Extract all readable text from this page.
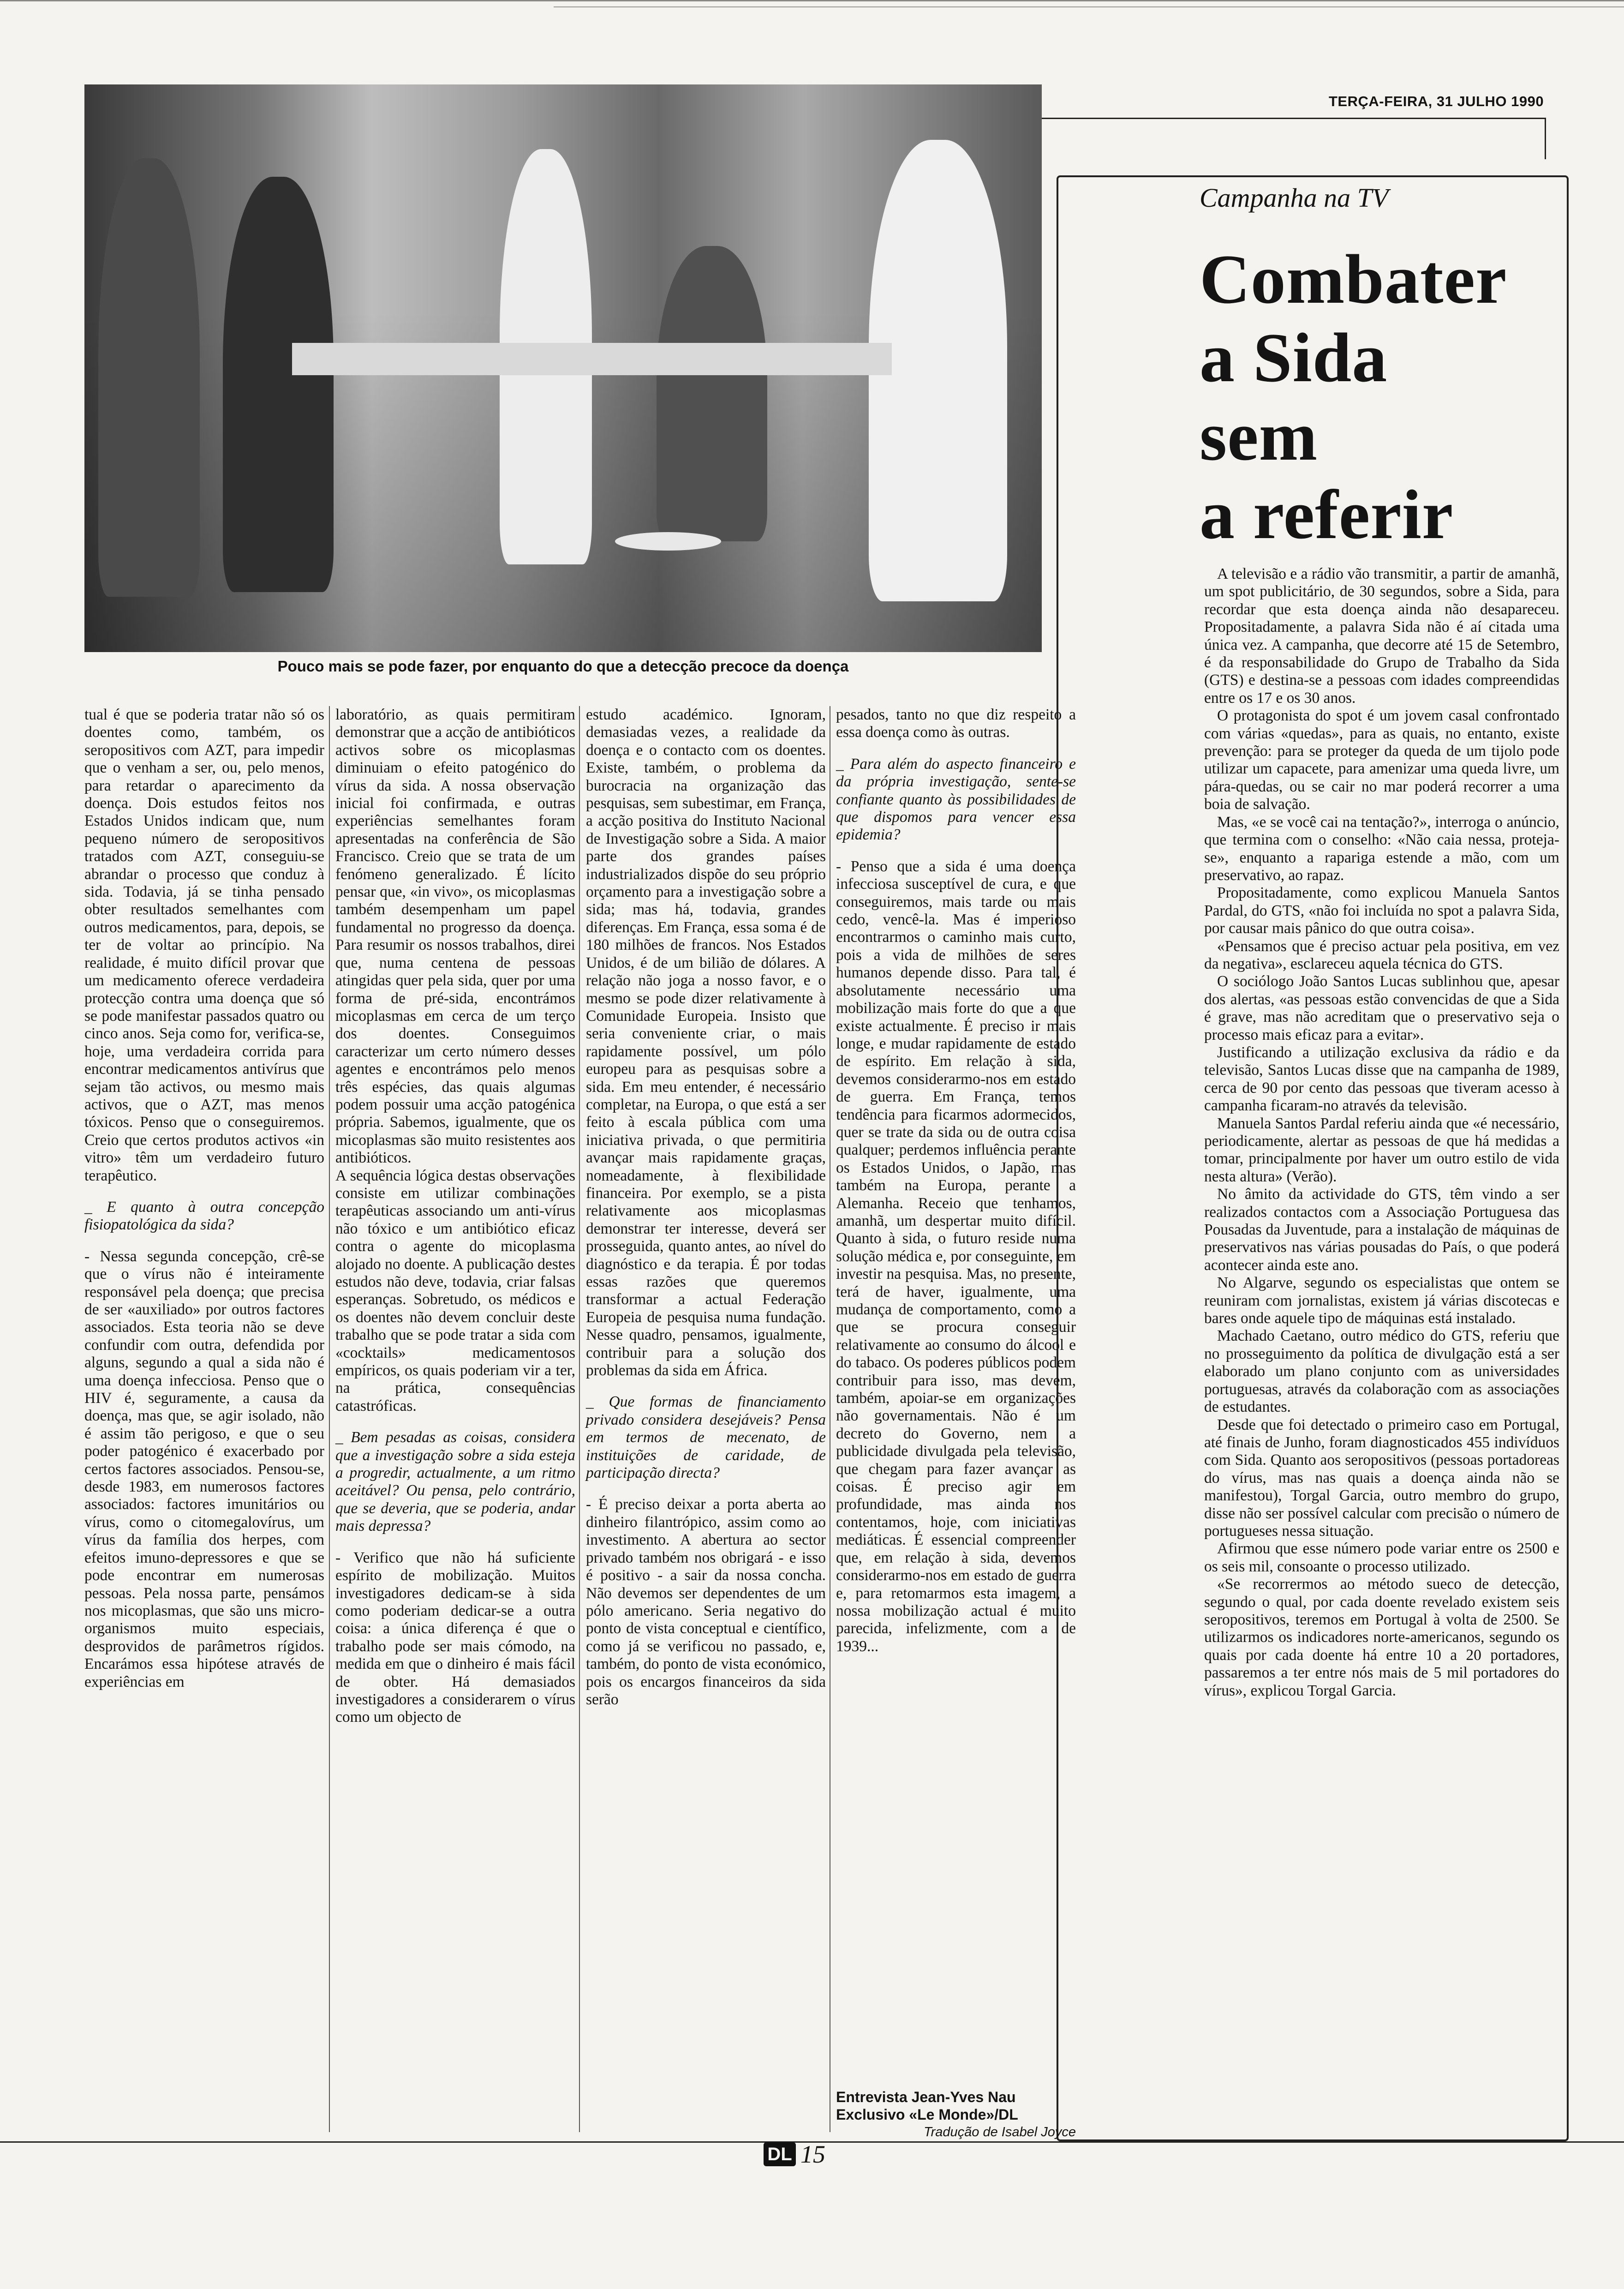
TERÇA-FEIRA, 31 JULHO 1990
Pouco mais se pode fazer, por enquanto do que a detecção precoce da doença
Campanha na TV
Combater
a Sida
sem
a referir

A televisão e a rádio vão transmitir, a partir de amanhã, um spot publicitário, de 30 segundos, sobre a Sida, para recordar que esta doença ainda não desapareceu. Propositadamente, a palavra Sida não é aí citada uma única vez. A campanha, que decorre até 15 de Setembro, é da responsabilidade do Grupo de Trabalho da Sida (GTS) e destina-se a pessoas com idades compreendidas entre os 17 e os 30 anos.

O protagonista do spot é um jovem casal confrontado com várias «quedas», para as quais, no entanto, existe prevenção: para se proteger da queda de um tijolo pode utilizar um capacete, para amenizar uma queda livre, um pára-quedas, ou se cair no mar poderá recorrer a uma boia de salvação.

Mas, «e se você cai na tentação?», interroga o anúncio, que termina com o conselho: «Não caia nessa, proteja-se», enquanto a rapariga estende a mão, com um preservativo, ao rapaz.

Propositadamente, como explicou Manuela Santos Pardal, do GTS, «não foi incluída no spot a palavra Sida, por causar mais pânico do que outra coisa».

«Pensamos que é preciso actuar pela positiva, em vez da negativa», esclareceu aquela técnica do GTS.

O sociólogo João Santos Lucas sublinhou que, apesar dos alertas, «as pessoas estão convencidas de que a Sida é grave, mas não acreditam que o preservativo seja o processo mais eficaz para a evitar».

Justificando a utilização exclusiva da rádio e da televisão, Santos Lucas disse que na campanha de 1989, cerca de 90 por cento das pessoas que tiveram acesso à campanha ficaram-no através da televisão.

Manuela Santos Pardal referiu ainda que «é necessário, periodicamente, alertar as pessoas de que há medidas a tomar, principalmente por haver um outro estilo de vida nesta altura» (Verão).

No âmito da actividade do GTS, têm vindo a ser realizados contactos com a Associação Portuguesa das Pousadas da Juventude, para a instalação de máquinas de preservativos nas várias pousadas do País, o que poderá acontecer ainda este ano.

No Algarve, segundo os especialistas que ontem se reuniram com jornalistas, existem já várias discotecas e bares onde aquele tipo de máquinas está instalado.

Machado Caetano, outro médico do GTS, referiu que no prosseguimento da política de divulgação está a ser elaborado um plano conjunto com as universidades portuguesas, através da colaboração com as associações de estudantes.

Desde que foi detectado o primeiro caso em Portugal, até finais de Junho, foram diagnosticados 455 indivíduos com Sida. Quanto aos seropositivos (pessoas portadoreas do vírus, mas nas quais a doença ainda não se manifestou), Torgal Garcia, outro membro do grupo, disse não ser possível calcular com precisão o número de portugueses nessa situação.

Afirmou que esse número pode variar entre os 2500 e os seis mil, consoante o processo utilizado.

«Se recorrermos ao método sueco de detecção, segundo o qual, por cada doente revelado existem seis seropositivos, teremos em Portugal à volta de 2500. Se utilizarmos os indicadores norte-americanos, segundo os quais por cada doente há entre 10 a 20 portadores, passaremos a ter entre nós mais de 5 mil portadores do vírus», explicou Torgal Garcia.

tual é que se poderia tratar não só os doentes como, também, os seropositivos com AZT, para impedir que o venham a ser, ou, pelo menos, para retardar o aparecimento da doença. Dois estudos feitos nos Estados Unidos indicam que, num pequeno número de seropositivos tratados com AZT, conseguiu-se abrandar o processo que conduz à sida. Todavia, já se tinha pensado obter resultados semelhantes com outros medicamentos, para, depois, se ter de voltar ao princípio. Na realidade, é muito difícil provar que um medicamento oferece verdadeira protecção contra uma doença que só se pode manifestar passados quatro ou cinco anos. Seja como for, verifica-se, hoje, uma verdadeira corrida para encontrar medicamentos antivírus que sejam tão activos, ou mesmo mais activos, que o AZT, mas menos tóxicos. Penso que o conseguiremos. Creio que certos produtos activos «in vitro» têm um verdadeiro futuro terapêutico.

_ E quanto à outra concepção fisiopatológica da sida?

- Nessa segunda concepção, crê-se que o vírus não é inteiramente responsável pela doença; que precisa de ser «auxiliado» por outros factores associados. Esta teoria não se deve confundir com outra, defendida por alguns, segundo a qual a sida não é uma doença infecciosa. Penso que o HIV é, seguramente, a causa da doença, mas que, se agir isolado, não é assim tão perigoso, e que o seu poder patogénico é exacerbado por certos factores associados. Pensou-se, desde 1983, em numerosos factores associados: factores imunitários ou vírus, como o citomegalovírus, um vírus da família dos herpes, com efeitos imuno-depressores e que se pode encontrar em numerosas pessoas. Pela nossa parte, pensámos nos micoplasmas, que são uns micro-organismos muito especiais, desprovidos de parâmetros rígidos. Encarámos essa hipótese através de experiências em

laboratório, as quais permitiram demonstrar que a acção de antibióticos activos sobre os micoplasmas diminuiam o efeito patogénico do vírus da sida. A nossa observação inicial foi confirmada, e outras experiências semelhantes foram apresentadas na conferência de São Francisco. Creio que se trata de um fenómeno generalizado. É lícito pensar que, «in vivo», os micoplasmas também desempenham um papel fundamental no progresso da doença. Para resumir os nossos trabalhos, direi que, numa centena de pessoas atingidas quer pela sida, quer por uma forma de pré-sida, encontrámos micoplasmas em cerca de um terço dos doentes. Conseguimos caracterizar um certo número desses agentes e encontrámos pelo menos três espécies, das quais algumas podem possuir uma acção patogénica própria. Sabemos, igualmente, que os micoplasmas são muito resistentes aos antibióticos.

A sequência lógica destas observações consiste em utilizar combinações terapêuticas associando um anti-vírus não tóxico e um antibiótico eficaz contra o agente do micoplasma alojado no doente. A publicação destes estudos não deve, todavia, criar falsas esperanças. Sobretudo, os médicos e os doentes não devem concluir deste trabalho que se pode tratar a sida com «cocktails» medicamentosos empíricos, os quais poderiam vir a ter, na prática, consequências catastróficas.

_ Bem pesadas as coisas, considera que a investigação sobre a sida esteja a progredir, actualmente, a um ritmo aceitável? Ou pensa, pelo contrário, que se deveria, que se poderia, andar mais depressa?

- Verifico que não há suficiente espírito de mobilização. Muitos investigadores dedicam-se à sida como poderiam dedicar-se a outra coisa: a única diferença é que o trabalho pode ser mais cómodo, na medida em que o dinheiro é mais fácil de obter. Há demasiados investigadores a considerarem o vírus como um objecto de

estudo académico. Ignoram, demasiadas vezes, a realidade da doença e o contacto com os doentes. Existe, também, o problema da burocracia na organização das pesquisas, sem subestimar, em França, a acção positiva do Instituto Nacional de Investigação sobre a Sida. A maior parte dos grandes países industrializados dispõe do seu próprio orçamento para a investigação sobre a sida; mas há, todavia, grandes diferenças. Em França, essa soma é de 180 milhões de francos. Nos Estados Unidos, é de um bilião de dólares. A relação não joga a nosso favor, e o mesmo se pode dizer relativamente à Comunidade Europeia. Insisto que seria conveniente criar, o mais rapidamente possível, um pólo europeu para as pesquisas sobre a sida. Em meu entender, é necessário completar, na Europa, o que está a ser feito à escala pública com uma iniciativa privada, o que permitiria avançar mais rapidamente graças, nomeadamente, à flexibilidade financeira. Por exemplo, se a pista relativamente aos micoplasmas demonstrar ter interesse, deverá ser prosseguida, quanto antes, ao nível do diagnóstico e da terapia. É por todas essas razões que queremos transformar a actual Federação Europeia de pesquisa numa fundação. Nesse quadro, pensamos, igualmente, contribuir para a solução dos problemas da sida em África.

_ Que formas de financiamento privado considera desejáveis? Pensa em termos de mecenato, de instituições de caridade, de participação directa?

- É preciso deixar a porta aberta ao dinheiro filantrópico, assim como ao investimento. A abertura ao sector privado também nos obrigará - e isso é positivo - a sair da nossa concha. Não devemos ser dependentes de um pólo americano. Seria negativo do ponto de vista conceptual e científico, como já se verificou no passado, e, também, do ponto de vista económico, pois os encargos financeiros da sida serão

pesados, tanto no que diz respeito a essa doença como às outras.

_ Para além do aspecto financeiro e da própria investigação, sente-se confiante quanto às possibilidades de que dispomos para vencer essa epidemia?

- Penso que a sida é uma doença infecciosa susceptível de cura, e que conseguiremos, mais tarde ou mais cedo, vencê-la. Mas é imperioso encontrarmos o caminho mais curto, pois a vida de milhões de seres humanos depende disso. Para tal, é absolutamente necessário uma mobilização mais forte do que a que existe actualmente. É preciso ir mais longe, e mudar rapidamente de estado de espírito. Em relação à sida, devemos considerarmo-nos em estado de guerra. Em França, temos tendência para ficarmos adormecidos, quer se trate da sida ou de outra coisa qualquer; perdemos influência perante os Estados Unidos, o Japão, mas também na Europa, perante a Alemanha. Receio que tenhamos, amanhã, um despertar muito difícil. Quanto à sida, o futuro reside numa solução médica e, por conseguinte, em investir na pesquisa. Mas, no presente, terá de haver, igualmente, uma mudança de comportamento, como a que se procura conseguir relativamente ao consumo do álcool e do tabaco. Os poderes públicos podem contribuir para isso, mas devem, também, apoiar-se em organizações não governamentais. Não é um decreto do Governo, nem a publicidade divulgada pela televisão, que chegam para fazer avançar as coisas. É preciso agir em profundidade, mas ainda nos contentamos, hoje, com iniciativas mediáticas. É essencial compreender que, em relação à sida, devemos considerarmo-nos em estado de guerra e, para retomarmos esta imagem, a nossa mobilização actual é muito parecida, infelizmente, com a de 1939...

Entrevista Jean-Yves Nau
Exclusivo «Le Monde»/DL
Tradução de Isabel Joyce
DL 15
